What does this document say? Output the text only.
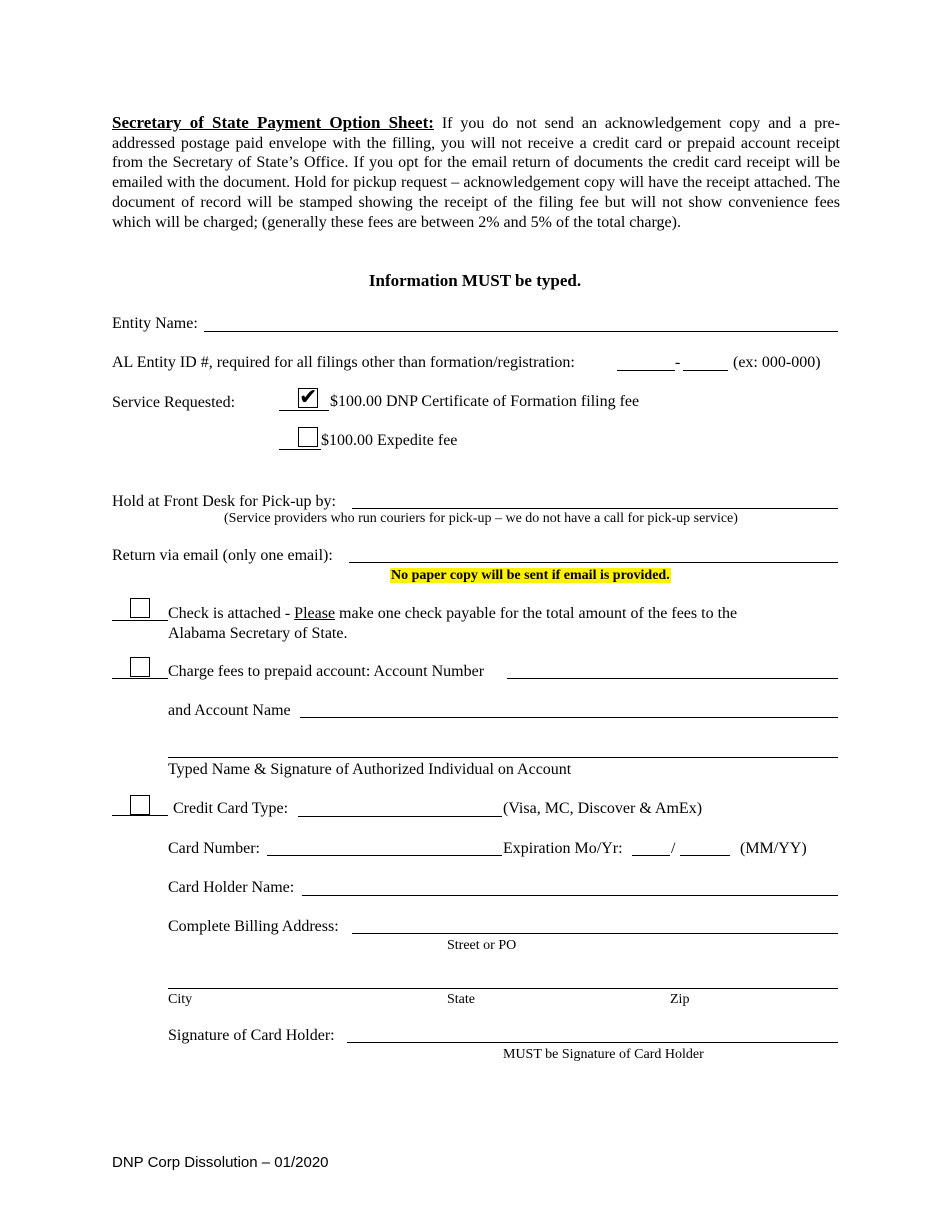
Secretary of State Payment Option Sheet: If you do not send an acknowledgement copy and a pre-addressed postage paid envelope with the filling, you will not receive a credit card or prepaid account receipt from the Secretary of State’s Office. If you opt for the email return of documents the credit card receipt will be emailed with the document. Hold for pickup request – acknowledgement copy will have the receipt attached. The document of record will be stamped showing the receipt of the filing fee but will not show convenience fees which will be charged; (generally these fees are between 2% and 5% of the total charge).
Information MUST be typed.
Entity Name:
AL Entity ID #, required for all filings other than formation/registration:	-	(ex: 000-000)
Service Requested:	✔ $100.00 DNP Certificate of Formation filing fee
$100.00 Expedite fee
Hold at Front Desk for Pick-up by:
(Service providers who run couriers for pick-up – we do not have a call for pick-up service)
Return via email (only one email):
No paper copy will be sent if email is provided.
Check is attached - Please make one check payable for the total amount of the fees to the
Alabama Secretary of State.
Charge fees to prepaid account: Account Number
and Account Name
Typed Name & Signature of Authorized Individual on Account
Credit Card Type:	(Visa, MC, Discover & AmEx)
Card Number:	Expiration Mo/Yr:	/	(MM/YY)
Card Holder Name:
Complete Billing Address:
Street or PO
City	State	Zip
Signature of Card Holder:
MUST be Signature of Card Holder
DNP Corp Dissolution – 01/2020
